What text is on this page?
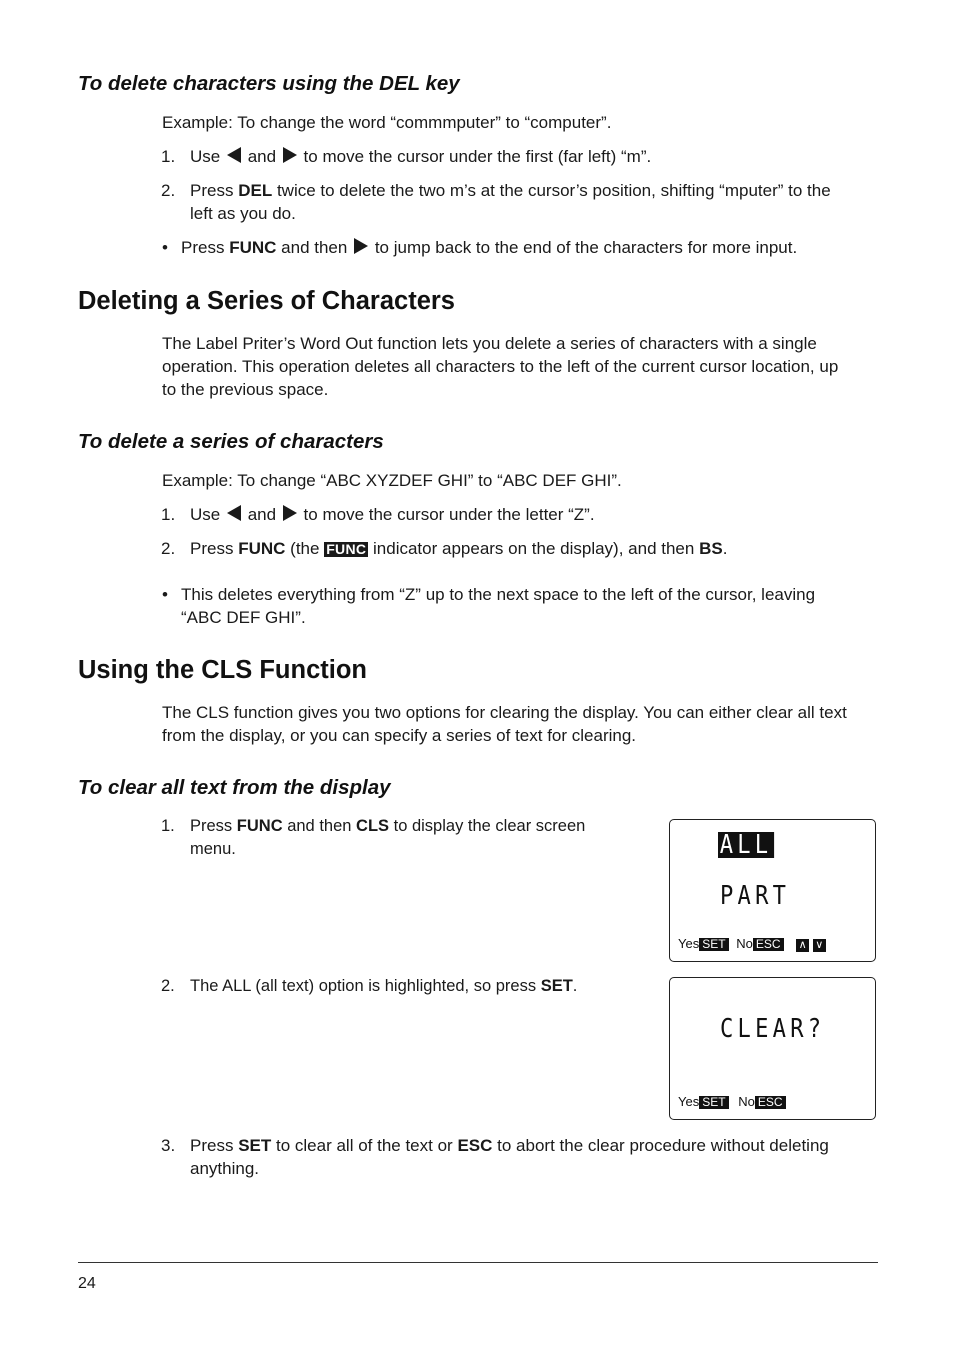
To delete characters using the DEL key
Example: To change the word “commmputer” to “computer”.
1. Use and to move the cursor under the first (far left) “m”.
2. Press DEL twice to delete the two m’s at the cursor’s position, shifting “mputer” to the
left as you do.
• Press FUNC and then to jump back to the end of the characters for more input.
Deleting a Series of Characters
The Label Priter’s Word Out function lets you delete a series of characters with a single
operation. This operation deletes all characters to the left of the current cursor location, up
to the previous space.
To delete a series of characters
Example: To change “ABC XYZDEF GHI” to “ABC DEF GHI”.
1. Use and to move the cursor under the letter “Z”.
2. Press FUNC (the FUNC indicator appears on the display), and then BS.
• This deletes everything from “Z” up to the next space to the left of the cursor, leaving
“ABC DEF GHI”.
Using the CLS Function
The CLS function gives you two options for clearing the display. You can either clear all text
from the display, or you can specify a series of text for clearing.
To clear all text from the display
1. Press FUNC and then CLS to display the clear screen
menu.
2. The ALL (all text) option is highlighted, so press SET.
3. Press SET to clear all of the text or ESC to abort the clear procedure without deleting
anything.
ALL
PART
Yes SET No ESC ∧ ∨
CLEAR?
Yes SET No ESC
24
